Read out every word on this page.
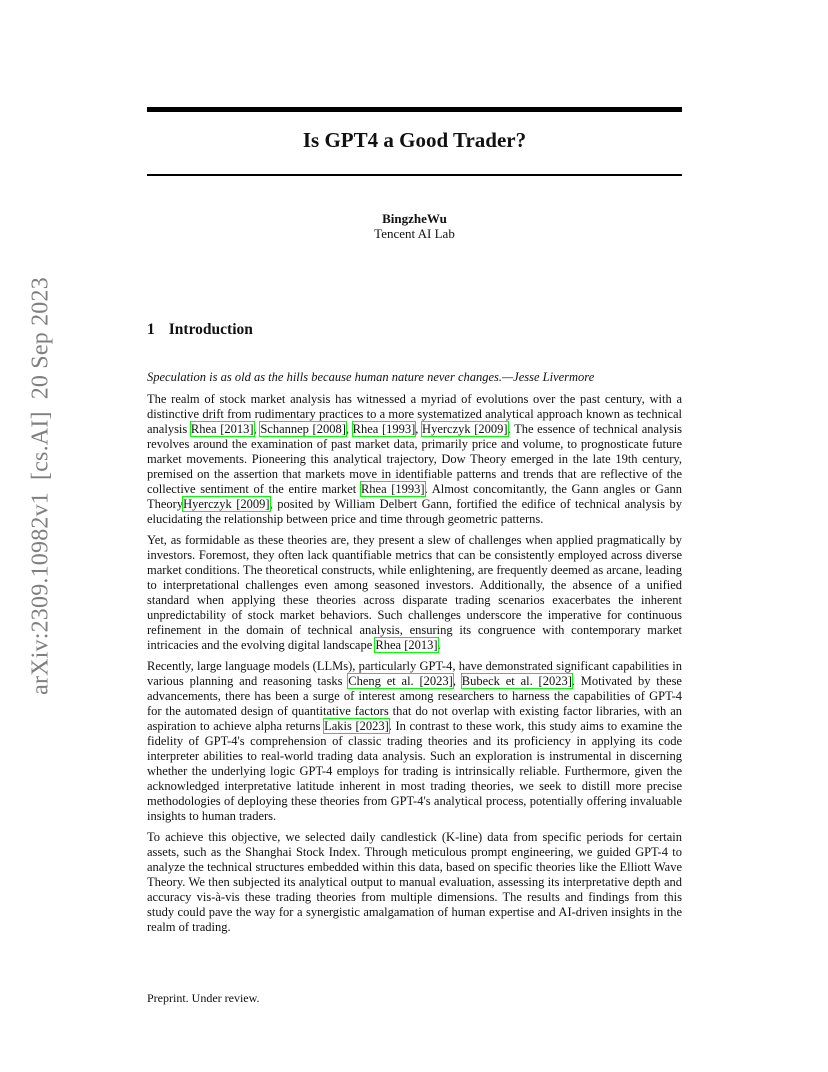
arXiv:2309.10982v1[cs.AI]20 Sep 2023
Is GPT4 a Good Trader?
BingzheWu
Tencent AI Lab
1 Introduction

Speculation is as old as the hills because human nature never changes.—Jesse Livermore

The realm of stock market analysis has witnessed a myriad of evolutions over the past century, with a distinctive drift from rudimentary practices to a more systematized analytical approach known as technical analysis Rhea [2013], Schannep [2008], Rhea [1993], Hyerczyk [2009]. The essence of technical analysis revolves around the examination of past market data, primarily price and volume, to prognosticate future market movements. Pioneering this analytical trajectory, Dow Theory emerged in the late 19th century, premised on the assertion that markets move in identifiable patterns and trends that are reflective of the collective sentiment of the entire market Rhea [1993]. Almost concomitantly, the Gann angles or Gann TheoryHyerczyk [2009], posited by William Delbert Gann, fortified the edifice of technical analysis by elucidating the relationship between price and time through geometric patterns.

Yet, as formidable as these theories are, they present a slew of challenges when applied pragmatically by investors. Foremost, they often lack quantifiable metrics that can be consistently employed across diverse market conditions. The theoretical constructs, while enlightening, are frequently deemed as arcane, leading to interpretational challenges even among seasoned investors. Additionally, the absence of a unified standard when applying these theories across disparate trading scenarios exacerbates the inherent unpredictability of stock market behaviors. Such challenges underscore the imperative for continuous refinement in the domain of technical analysis, ensuring its congruence with contemporary market intricacies and the evolving digital landscape Rhea [2013].

Recently, large language models (LLMs), particularly GPT-4, have demonstrated significant capabilities in various planning and reasoning tasks Cheng et al. [2023], Bubeck et al. [2023]. Motivated by these advancements, there has been a surge of interest among researchers to harness the capabilities of GPT-4 for the automated design of quantitative factors that do not overlap with existing factor libraries, with an aspiration to achieve alpha returns Lakis [2023]. In contrast to these work, this study aims to examine the fidelity of GPT-4's comprehension of classic trading theories and its proficiency in applying its code interpreter abilities to real-world trading data analysis. Such an exploration is instrumental in discerning whether the underlying logic GPT-4 employs for trading is intrinsically reliable. Furthermore, given the acknowledged interpretative latitude inherent in most trading theories, we seek to distill more precise methodologies of deploying these theories from GPT-4's analytical process, potentially offering invaluable insights to human traders.

To achieve this objective, we selected daily candlestick (K-line) data from specific periods for certain assets, such as the Shanghai Stock Index. Through meticulous prompt engineering, we guided GPT-4 to analyze the technical structures embedded within this data, based on specific theories like the Elliott Wave Theory. We then subjected its analytical output to manual evaluation, assessing its interpretative depth and accuracy vis-à-vis these trading theories from multiple dimensions. The results and findings from this study could pave the way for a synergistic amalgamation of human expertise and AI-driven insights in the realm of trading.

Preprint. Under review.
